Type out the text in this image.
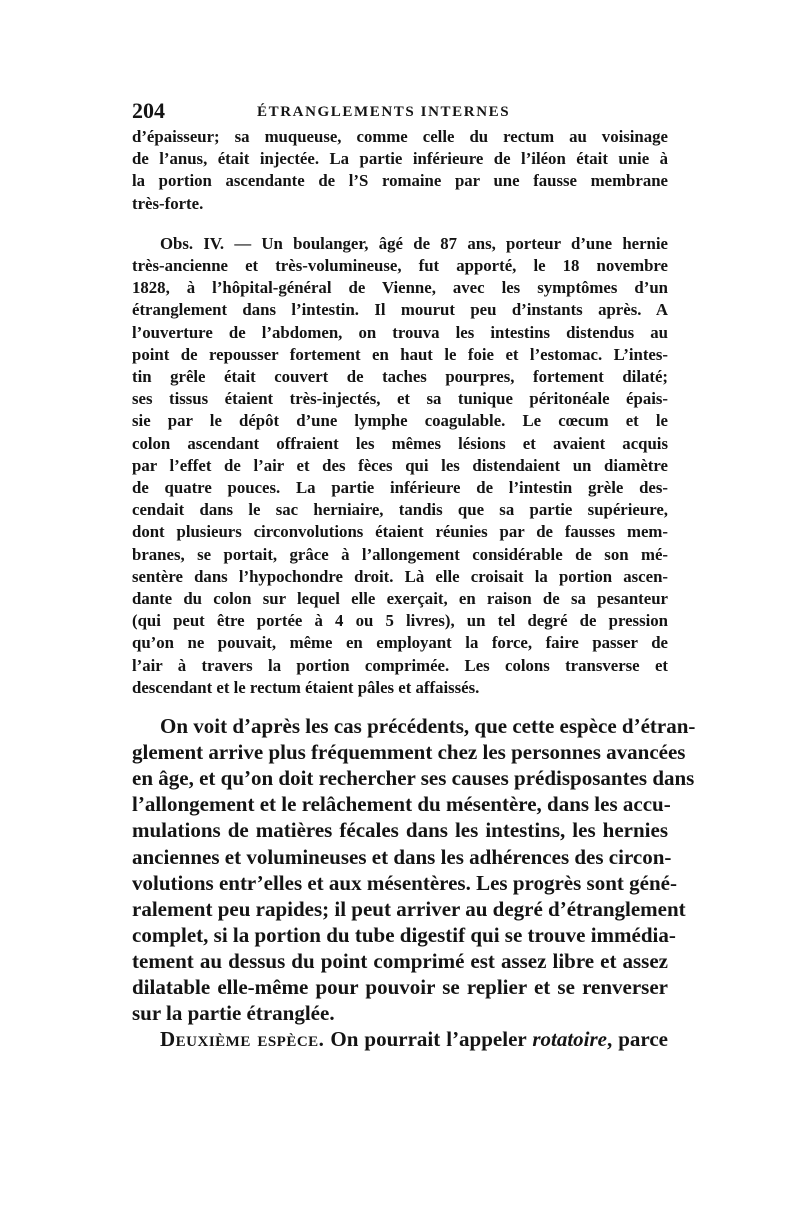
204	ÉTRANGLEMENTS INTERNES
d’épaisseur; sa muqueuse, comme celle du rectum au voisinage
de l’anus, était injectée. La partie inférieure de l’iléon était unie à
la portion ascendante de l’S romaine par une fausse membrane
très-forte.
Obs. IV. — Un boulanger, âgé de 87 ans, porteur d’une hernie
très-ancienne et très-volumineuse, fut apporté, le 18 novembre
1828, à l’hôpital-général de Vienne, avec les symptômes d’un
étranglement dans l’intestin. Il mourut peu d’instants après. A
l’ouverture de l’abdomen, on trouva les intestins distendus au
point de repousser fortement en haut le foie et l’estomac. L’intes-
tin grêle était couvert de taches pourpres, fortement dilaté;
ses tissus étaient très-injectés, et sa tunique péritonéale épais-
sie par le dépôt d’une lymphe coagulable. Le cœcum et le
colon ascendant offraient les mêmes lésions et avaient acquis
par l’effet de l’air et des fèces qui les distendaient un diamètre
de quatre pouces. La partie inférieure de l’intestin grèle des-
cendait dans le sac herniaire, tandis que sa partie supérieure,
dont plusieurs circonvolutions étaient réunies par de fausses mem-
branes, se portait, grâce à l’allongement considérable de son mé-
sentère dans l’hypochondre droit. Là elle croisait la portion ascen-
dante du colon sur lequel elle exerçait, en raison de sa pesanteur
(qui peut être portée à 4 ou 5 livres), un tel degré de pression
qu’on ne pouvait, même en employant la force, faire passer de
l’air à travers la portion comprimée. Les colons transverse et
descendant et le rectum étaient pâles et affaissés.
On voit d’après les cas précédents, que cette espèce d’étran-
glement arrive plus fréquemment chez les personnes avancées
en âge, et qu’on doit rechercher ses causes prédisposantes dans
l’allongement et le relâchement du mésentère, dans les accu-
mulations de matières fécales dans les intestins, les hernies
anciennes et volumineuses et dans les adhérences des circon-
volutions entr’elles et aux mésentères. Les progrès sont géné-
ralement peu rapides; il peut arriver au degré d’étranglement
complet, si la portion du tube digestif qui se trouve immédia-
tement au dessus du point comprimé est assez libre et assez
dilatable elle-même pour pouvoir se replier et se renverser
sur la partie étranglée.
Deuxième espèce. On pourrait l’appeler rotatoire, parce
